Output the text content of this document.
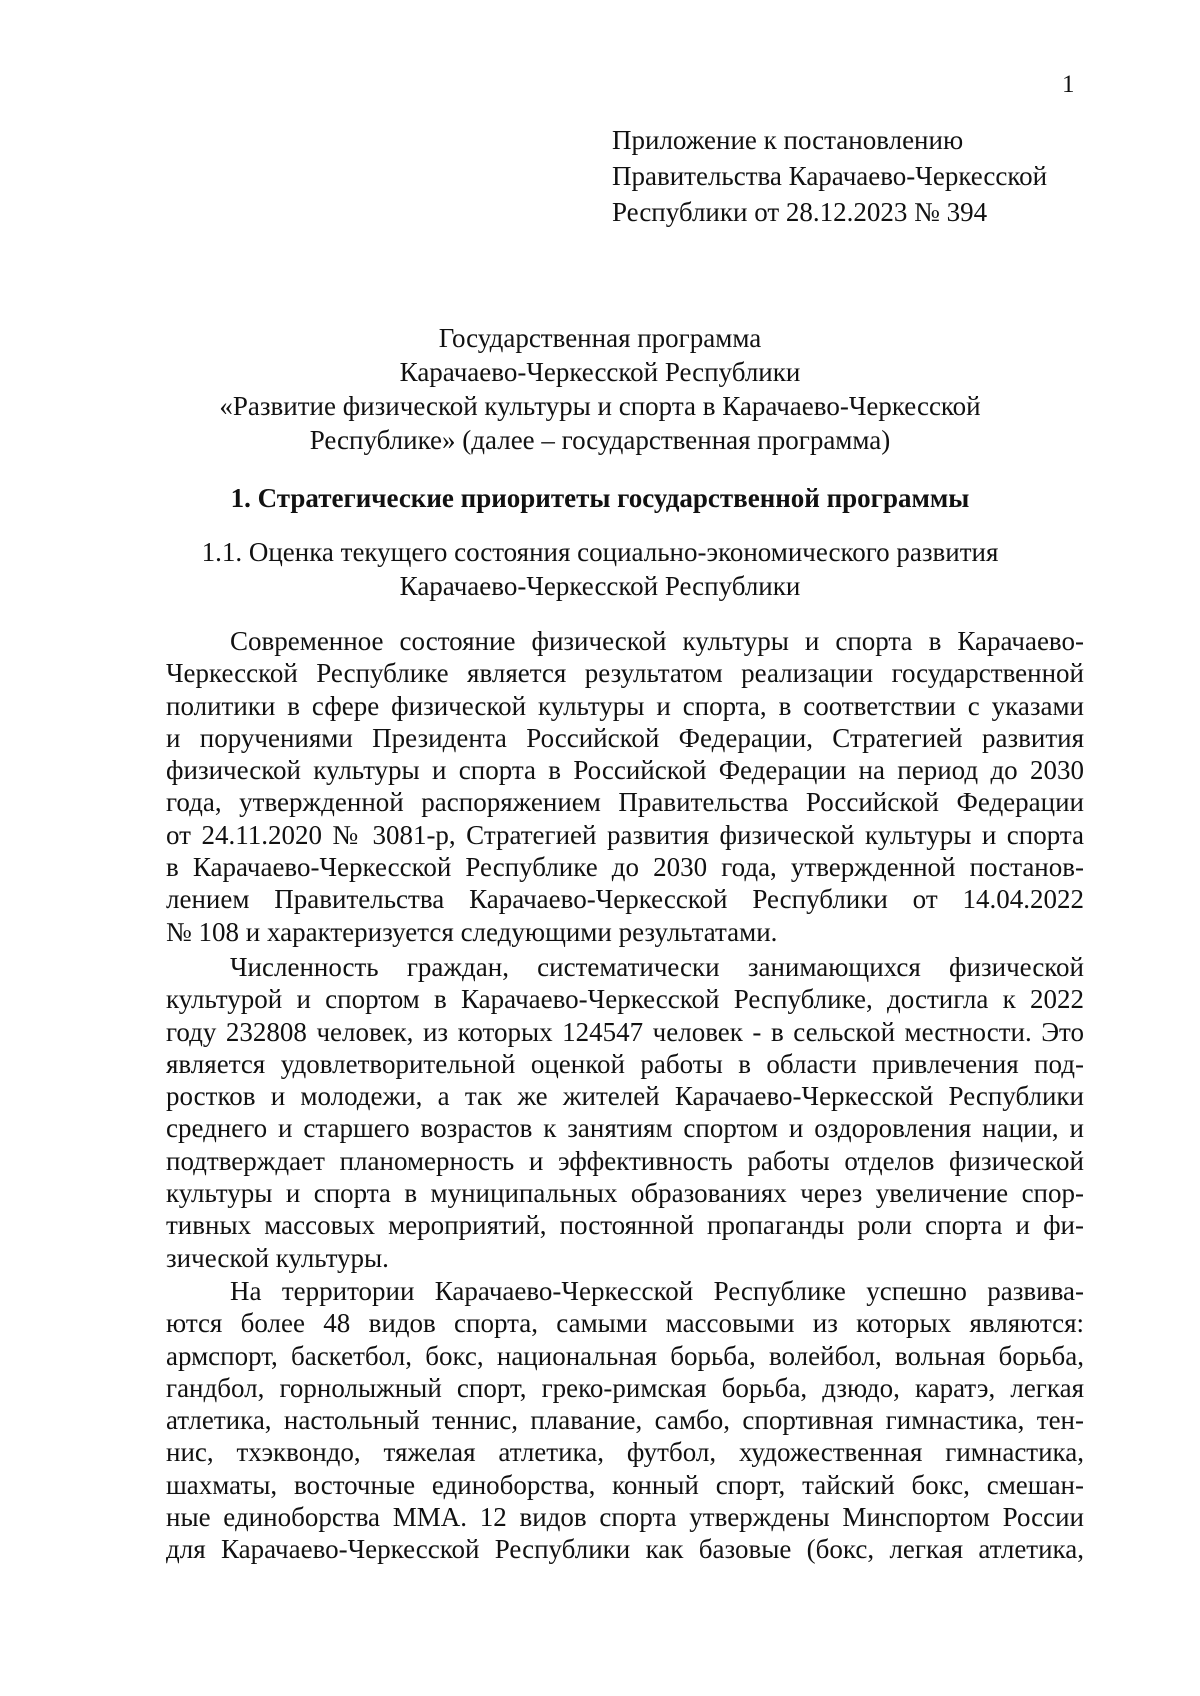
1
Приложение к постановлению
Правительства Карачаево-Черкесской
Республики от 28.12.2023 № 394
Государственная программа
Карачаево-Черкесской Республики
«Развитие физической культуры и спорта в Карачаево-Черкесской
Республике» (далее – государственная программа)
1. Стратегические приоритеты государственной программы
1.1. Оценка текущего состояния социально-экономического развития
Карачаево-Черкесской Республики
Современное состояние физической культуры и спорта в Карачаево-
Черкесской Республике является результатом реализации государственной
политики в сфере физической культуры и спорта, в соответствии с указами
и поручениями Президента Российской Федерации, Стратегией развития
физической культуры и спорта в Российской Федерации на период до 2030
года, утвержденной распоряжением Правительства Российской Федерации
от 24.11.2020 № 3081-р, Стратегией развития физической культуры и спорта
в Карачаево-Черкесской Республике до 2030 года, утвержденной постанов-
лением Правительства Карачаево-Черкесской Республики от 14.04.2022
№ 108 и характеризуется следующими результатами.
Численность граждан, систематически занимающихся физической
культурой и спортом в Карачаево-Черкесской Республике, достигла к 2022
году 232808 человек, из которых 124547 человек - в сельской местности. Это
является удовлетворительной оценкой работы в области привлечения под-
ростков и молодежи, а так же жителей Карачаево-Черкесской Республики
среднего и старшего возрастов к занятиям спортом и оздоровления нации, и
подтверждает планомерность и эффективность работы отделов физической
культуры и спорта в муниципальных образованиях через увеличение спор-
тивных массовых мероприятий, постоянной пропаганды роли спорта и фи-
зической культуры.
На территории Карачаево-Черкесской Республике успешно развива-
ются более 48 видов спорта, самыми массовыми из которых являются:
армспорт, баскетбол, бокс, национальная борьба, волейбол, вольная борьба,
гандбол, горнолыжный спорт, греко-римская борьба, дзюдо, каратэ, легкая
атлетика, настольный теннис, плавание, самбо, спортивная гимнастика, тен-
нис, тхэквондо, тяжелая атлетика, футбол, художественная гимнастика,
шахматы, восточные единоборства, конный спорт, тайский бокс, смешан-
ные единоборства ММА. 12 видов спорта утверждены Минспортом России
для Карачаево-Черкесской Республики как базовые (бокс, легкая атлетика,
